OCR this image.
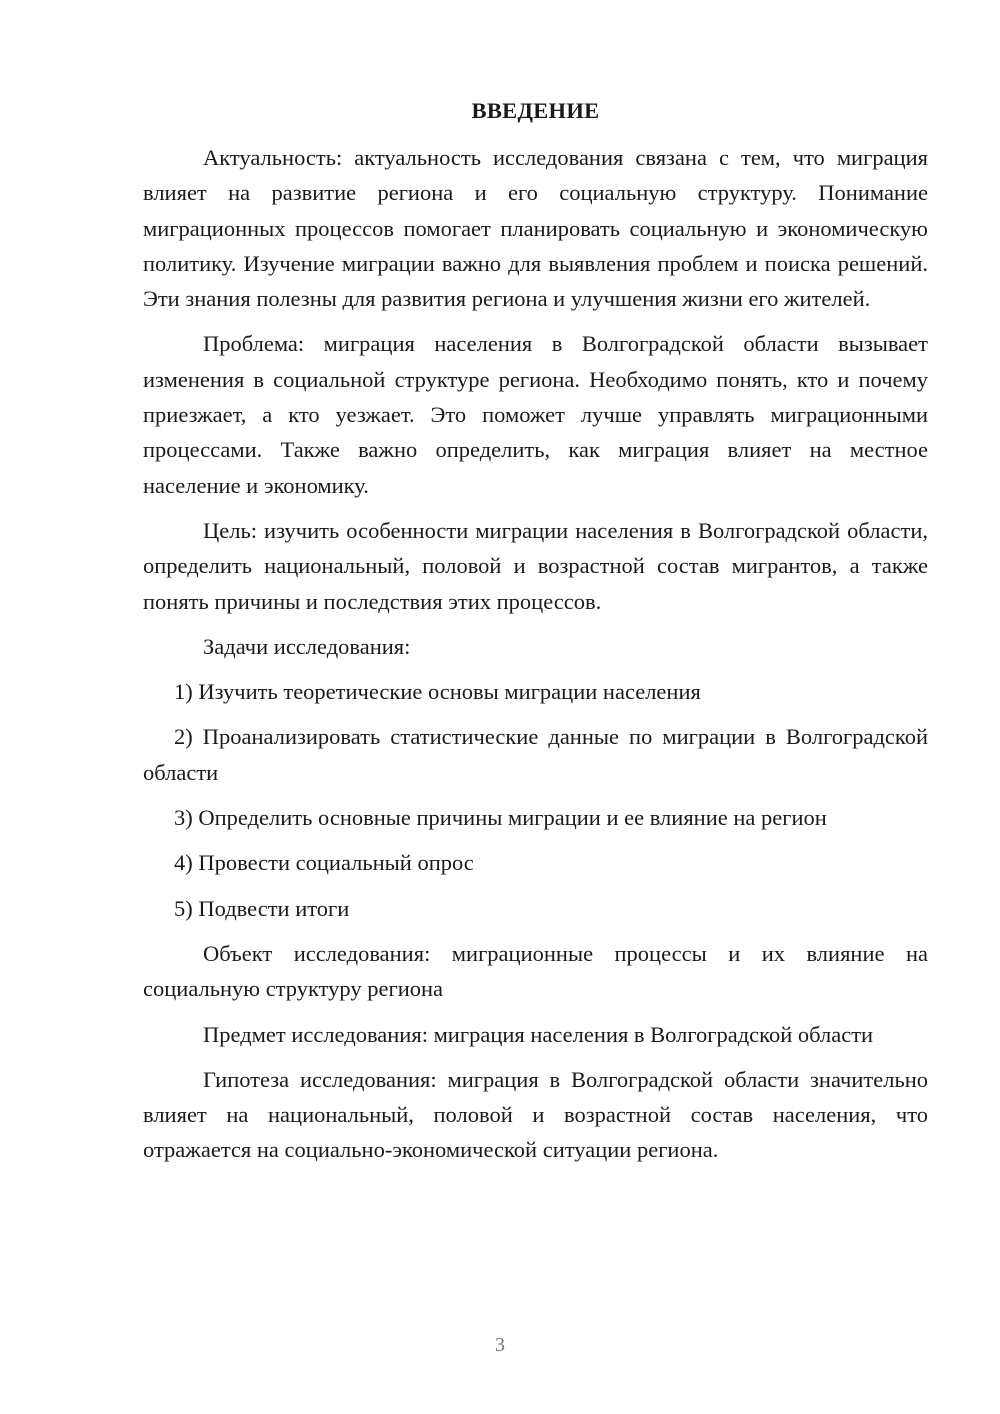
ВВЕДЕНИЕ

Актуальность: актуальность исследования связана с тем, что миграция влияет на развитие региона и его социальную структуру. Понимание миграционных процессов помогает планировать социальную и экономическую политику. Изучение миграции важно для выявления проблем и поиска решений. Эти знания полезны для развития региона и улучшения жизни его жителей.

Проблема: миграция населения в Волгоградской области вызывает изменения в социальной структуре региона. Необходимо понять, кто и почему приезжает, а кто уезжает. Это поможет лучше управлять миграционными процессами. Также важно определить, как миграция влияет на местное население и экономику.

Цель: изучить особенности миграции населения в Волгоградской области, определить национальный, половой и возрастной состав мигрантов, а также понять причины и последствия этих процессов.

Задачи исследования:

1) Изучить теоретические основы миграции населения

2) Проанализировать статистические данные по миграции в Волгоградской области

3) Определить основные причины миграции и ее влияние на регион

4) Провести социальный опрос

5) Подвести итоги

Объект исследования: миграционные процессы и их влияние на социальную структуру региона

Предмет исследования: миграция населения в Волгоградской области

Гипотеза исследования: миграция в Волгоградской области значительно влияет на национальный, половой и возрастной состав населения, что отражается на социально-экономической ситуации региона.

3
